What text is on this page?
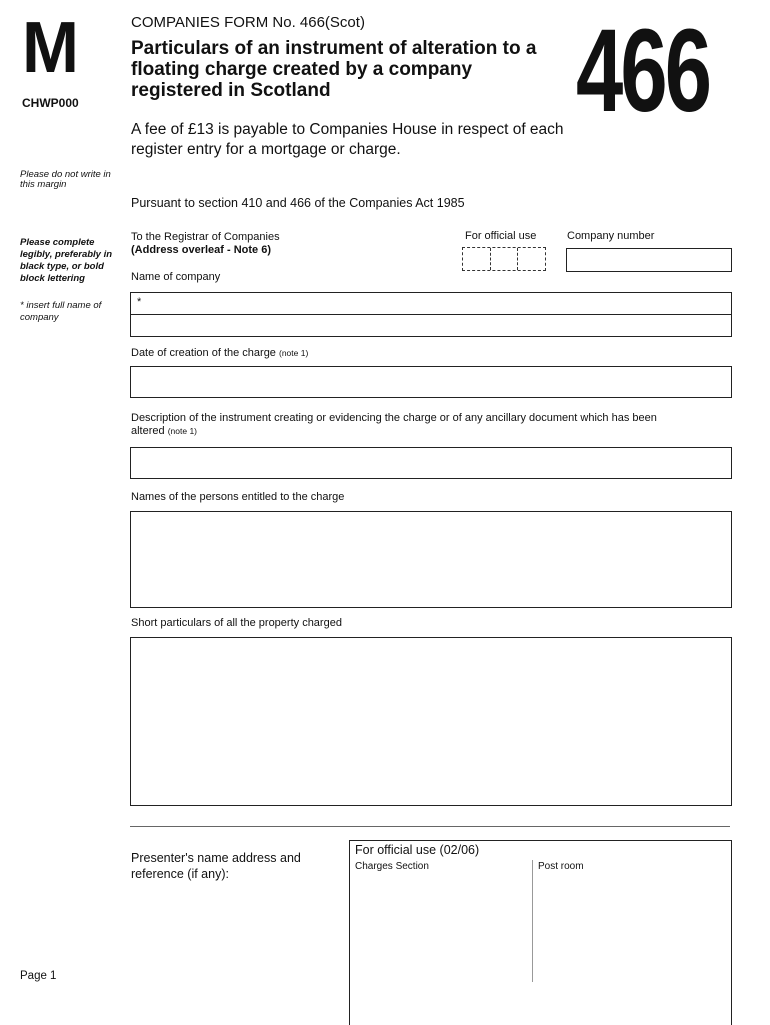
M
CHWP000
COMPANIES FORM No. 466(Scot)
Particulars of an instrument of alteration to a floating charge created by a company registered in Scotland	466
A fee of £13 is payable to Companies House in respect of each register entry for a mortgage or charge.
Please do not write in this margin
Please complete legibly, preferably in black type, or bold block lettering
* insert full name of company
Pursuant to section 410 and 466 of the Companies Act 1985
To the Registrar of Companies
(Address overleaf - Note 6)
For official use	Company number
Name of company
*
Date of creation of the charge (note 1)
Description of the instrument creating or evidencing the charge or of any ancillary document which has been altered (note 1)
Names of the persons entitled to the charge
Short particulars of all the property charged
Presenter's name address and reference (if any):
For official use (02/06)
Charges Section	Post room
Page 1
